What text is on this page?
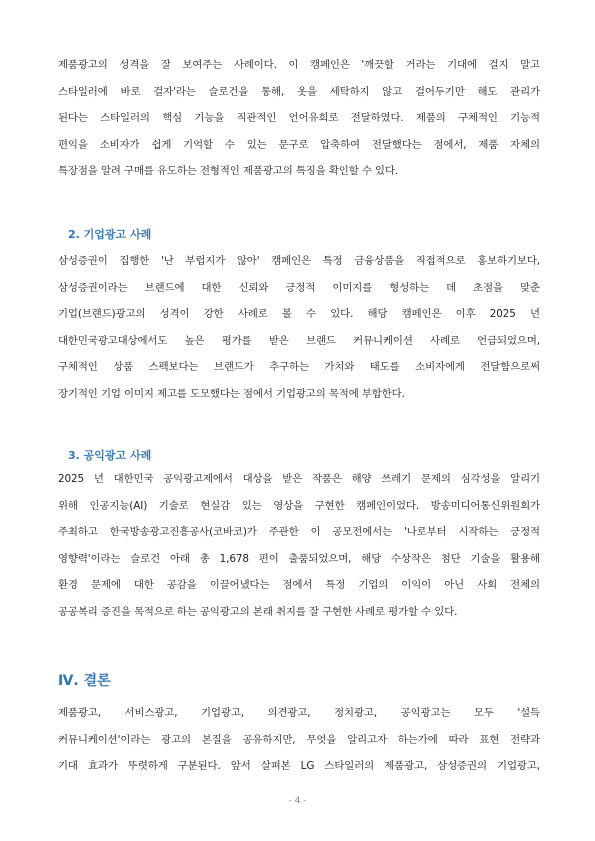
제품광고의 성격을 잘 보여주는 사례이다. 이 캠페인은 '깨끗할 거라는 기대에 걸지 말고
스타일러에 바로 걸자'라는 슬로건을 통해, 옷을 세탁하지 않고 걸어두기만 해도 관리가
된다는 스타일러의 핵심 기능을 직관적인 언어유희로 전달하였다. 제품의 구체적인 기능적
편익을 소비자가 쉽게 기억할 수 있는 문구로 압축하여 전달했다는 점에서, 제품 자체의
특장점을 알려 구매를 유도하는 전형적인 제품광고의 특징을 확인할 수 있다.
2. 기업광고 사례
삼성증권이 집행한 '난 부럽지가 않아' 캠페인은 특정 금융상품을 직접적으로 홍보하기보다,
삼성증권이라는 브랜드에 대한 신뢰와 긍정적 이미지를 형성하는 데 초점을 맞춘
기업(브랜드)광고의 성격이 강한 사례로 볼 수 있다. 해당 캠페인은 이후 2025 년
대한민국광고대상에서도 높은 평가를 받은 브랜드 커뮤니케이션 사례로 언급되었으며,
구체적인 상품 스펙보다는 브랜드가 추구하는 가치와 태도를 소비자에게 전달함으로써
장기적인 기업 이미지 제고를 도모했다는 점에서 기업광고의 목적에 부합한다.
3. 공익광고 사례
2025 년 대한민국 공익광고제에서 대상을 받은 작품은 해양 쓰레기 문제의 심각성을 알리기
위해 인공지능(AI) 기술로 현실감 있는 영상을 구현한 캠페인이었다. 방송미디어통신위원회가
주최하고 한국방송광고진흥공사(코바코)가 주관한 이 공모전에서는 '나로부터 시작하는 긍정적
영향력'이라는 슬로건 아래 총 1,678 편이 출품되었으며, 해당 수상작은 첨단 기술을 활용해
환경 문제에 대한 공감을 이끌어냈다는 점에서 특정 기업의 이익이 아닌 사회 전체의
공공복리 증진을 목적으로 하는 공익광고의 본래 취지를 잘 구현한 사례로 평가할 수 있다.
Ⅳ. 결론
제품광고, 서비스광고, 기업광고, 의견광고, 정치광고, 공익광고는 모두 '설득
커뮤니케이션'이라는 광고의 본질을 공유하지만, 무엇을 알리고자 하는가에 따라 표현 전략과
기대 효과가 뚜렷하게 구분된다. 앞서 살펴본 LG 스타일러의 제품광고, 삼성증권의 기업광고,
- 4 -
